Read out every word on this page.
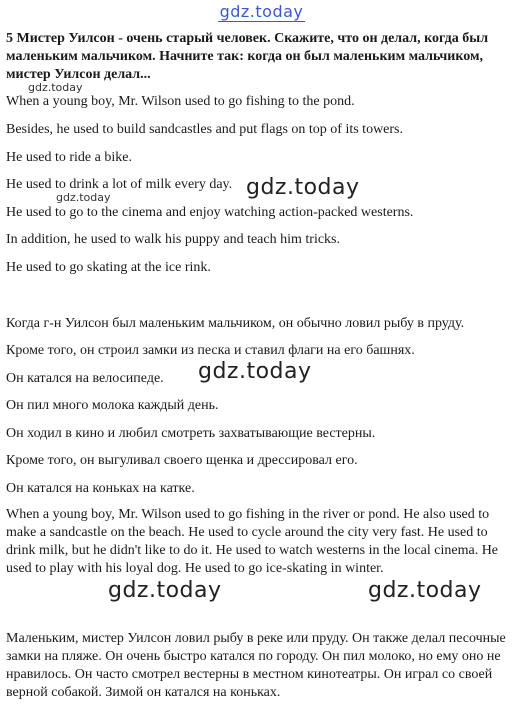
gdz.today
5 Мистер Уилсон - очень старый человек. Скажите, что он делал, когда был маленьким мальчиком. Начните так: когда он был маленьким мальчиком, мистер Уилсон делал...
gdz.today
When a young boy, Mr. Wilson used to go fishing to the pond.
Besides, he used to build sandcastles and put flags on top of its towers.
He used to ride a bike.
He used to drink a lot of milk every day. gdz.today
gdz.today
He used to go to the cinema and enjoy watching action-packed westerns.
In addition, he used to walk his puppy and teach him tricks.
He used to go skating at the ice rink.
Когда г-н Уилсон был маленьким мальчиком, он обычно ловил рыбу в пруду.
Кроме того, он строил замки из песка и ставил флаги на его башнях.
Он катался на велосипеде. gdz.today
Он пил много молока каждый день.
Он ходил в кино и любил смотреть захватывающие вестерны.
Кроме того, он выгуливал своего щенка и дрессировал его.
Он катался на коньках на катке.
When a young boy, Mr. Wilson used to go fishing in the river or pond. He also used to make a sandcastle on the beach. He used to cycle around the city very fast. He used to drink milk, but he didn't like to do it. He used to watch westerns in the local cinema. He used to play with his loyal dog. He used to go ice-skating in winter.
gdz.today	gdz.today
Маленьким, мистер Уилсон ловил рыбу в реке или пруду. Он также делал песочные замки на пляже. Он очень быстро катался по городу. Он пил молоко, но ему оно не нравилось. Он часто смотрел вестерны в местном кинотеатры. Он играл со своей верной собакой. Зимой он катался на коньках.
